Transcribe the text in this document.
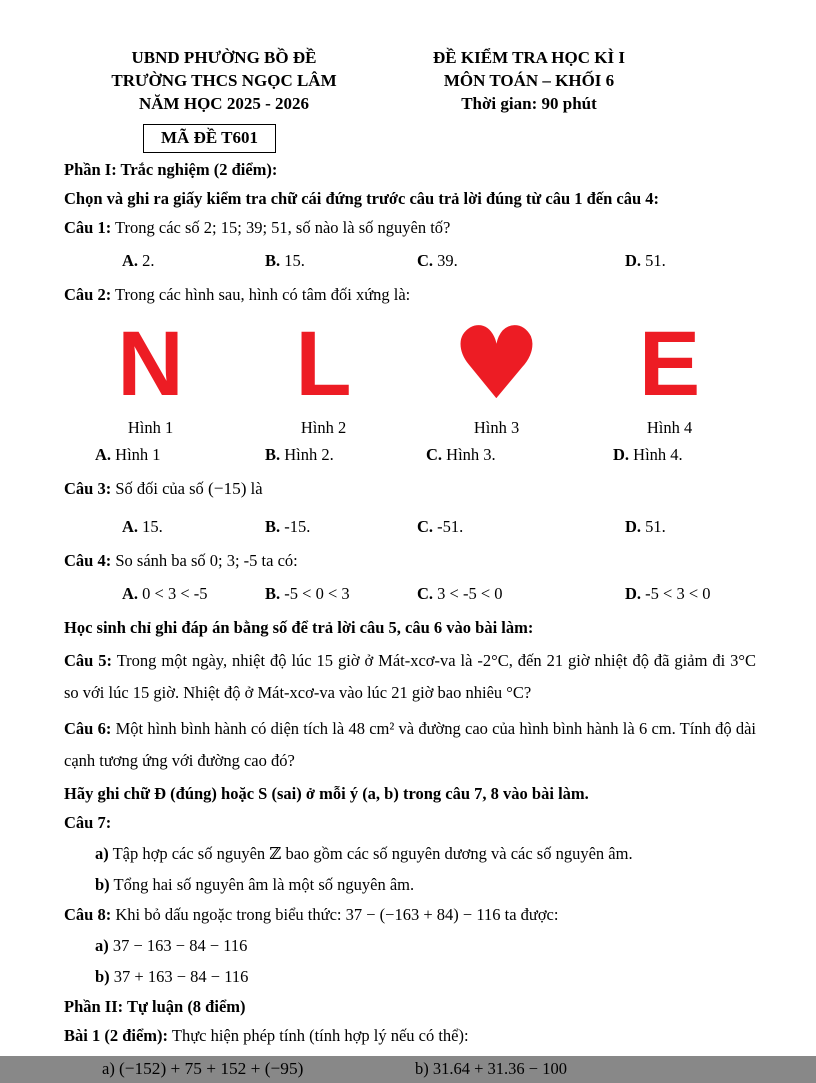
UBND PHƯỜNG BỒ ĐỀ
TRƯỜNG THCS NGỌC LÂM
NĂM HỌC 2025 - 2026
ĐỀ KIỂM TRA HỌC KÌ I
MÔN TOÁN – KHỐI 6
Thời gian: 90 phút
MÃ ĐỀ T601
Phần I: Trắc nghiệm (2 điểm):
Chọn và ghi ra giấy kiểm tra chữ cái đứng trước câu trả lời đúng từ câu 1 đến câu 4:
Câu 1: Trong các số 2; 15; 39; 51, số nào là số nguyên tố?
A. 2.	B. 15.	C. 39.	D. 51.
Câu 2: Trong các hình sau, hình có tâm đối xứng là:
N
Hình 1
L
Hình 2
♥
Hình 3
E
Hình 4
A. Hình 1	B. Hình 2.	C. Hình 3.	D. Hình 4.
Câu 3: Số đối của số (−15) là
A. 15.	B. -15.	C. -51.	D. 51.
Câu 4: So sánh ba số 0; 3; -5 ta có:
A. 0 < 3 < -5	B. -5 < 0 < 3	C. 3 < -5 < 0	D. -5 < 3 < 0
Học sinh chỉ ghi đáp án bằng số để trả lời câu 5, câu 6 vào bài làm:
Câu 5: Trong một ngày, nhiệt độ lúc 15 giờ ở Mát-xcơ-va là -2°C, đến 21 giờ nhiệt độ đã giảm đi 3°C so với lúc 15 giờ. Nhiệt độ ở Mát-xcơ-va vào lúc 21 giờ bao nhiêu °C?
Câu 6: Một hình bình hành có diện tích là 48 cm² và đường cao của hình bình hành là 6 cm. Tính độ dài cạnh tương ứng với đường cao đó?
Hãy ghi chữ Đ (đúng) hoặc S (sai) ở mỗi ý (a, b) trong câu 7, 8 vào bài làm.
Câu 7:
a) Tập hợp các số nguyên ℤ bao gồm các số nguyên dương và các số nguyên âm.
b) Tổng hai số nguyên âm là một số nguyên âm.
Câu 8: Khi bỏ dấu ngoặc trong biểu thức: 37 − (−163 + 84) − 116 ta được:
a) 37 − 163 − 84 − 116
b) 37 + 163 − 84 − 116
Phần II: Tự luận (8 điểm)
Bài 1 (2 điểm): Thực hiện phép tính (tính hợp lý nếu có thể):
a) (−152) + 75 + 152 + (−95)	b) 31.64 + 31.36 − 100
